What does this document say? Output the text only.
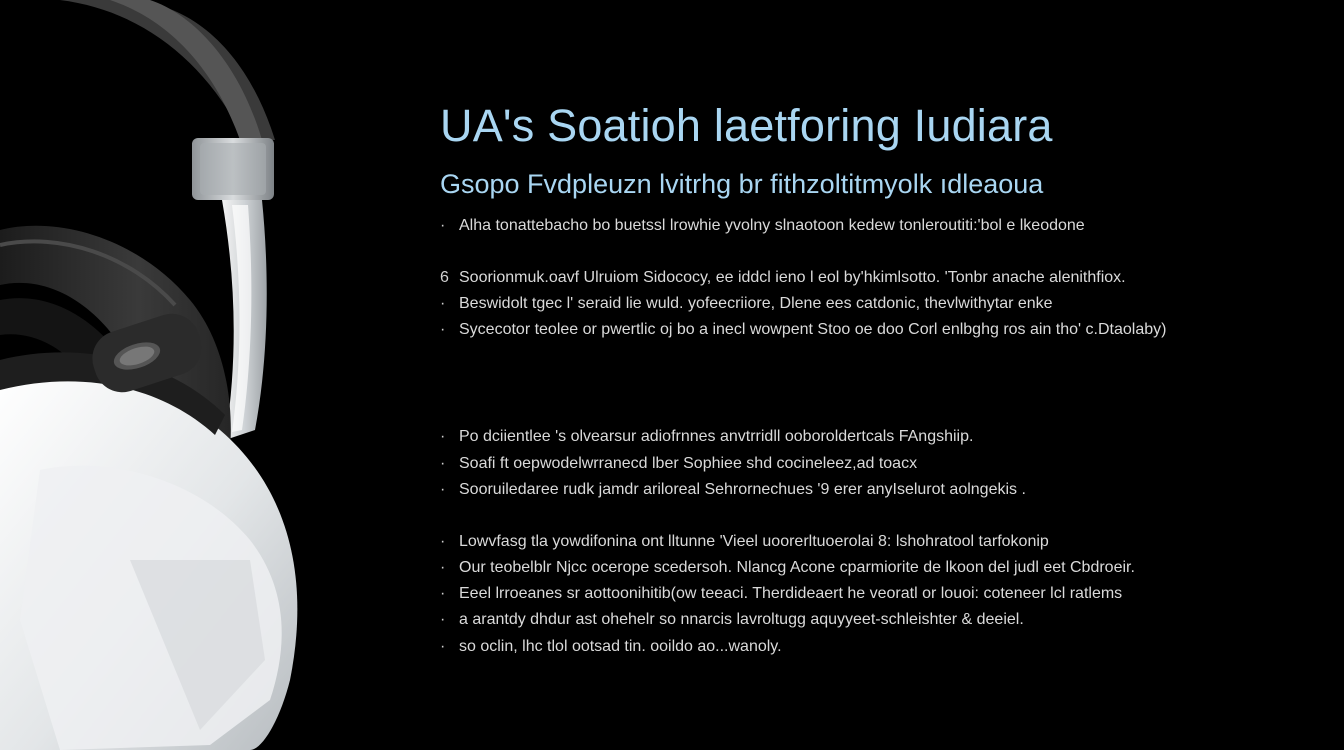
UA's Soatioh laetforing Iudiara
Gsopo Fvdpleuzn lvitrhg br fithzoltitmyolk ıdleaoua
· Alha tonattebacho bo buetssl lrowhie yvolny slnaotoon kedew tonleroutiti:'bol e lkeodone
6 Soorionmuk.oavf Ulruiom Sidococy, ee iddcl ieno l eol by'hkimlsotto. 'Tonbr anache alenithfiox.
· Beswidolt tgec l' seraid lie wuld. yofeecriiore, Dlene ees catdonic, thevlwithytar enke
· Sycecotor teolee or pwertlic oj bo a inecl wowpent Stoo oe doo Corl enlbghg ros ain tho' c.Dtaolaby)
· Po dciientlee 's olvearsur adiofrnnes anvtrridll ooboroldertcals FAngshiip.
· Soafi ft oepwodelwrranecd lber Sophiee shd cocineleez,ad toacx
· Sooruiledaree rudk jamdr ariloreal Sehrornechues '9 erer anyIselurot aolngekis .
· Lowvfasg tla yowdifonina ont lltunne 'Vieel uoorerltuoerolai 8: lshohratool tarfokonip
· Our teobelblr Njcc ocerope scedersoh. Nlancg Acone cparmiorite de lkoon del judl eet Cbdroeir.
· Eeel lrroeanes sr aottoonihitib(ow teeaci. Therdideaert he veoratl or louoi: coteneer lcl ratlems
· a arantdy dhdur ast ohehelr so nnarcis lavroltugg aquyyeet-schleishter & deeiel.
· so oclin, lhc tlol ootsad tin. ooildo ao...wanoly.
